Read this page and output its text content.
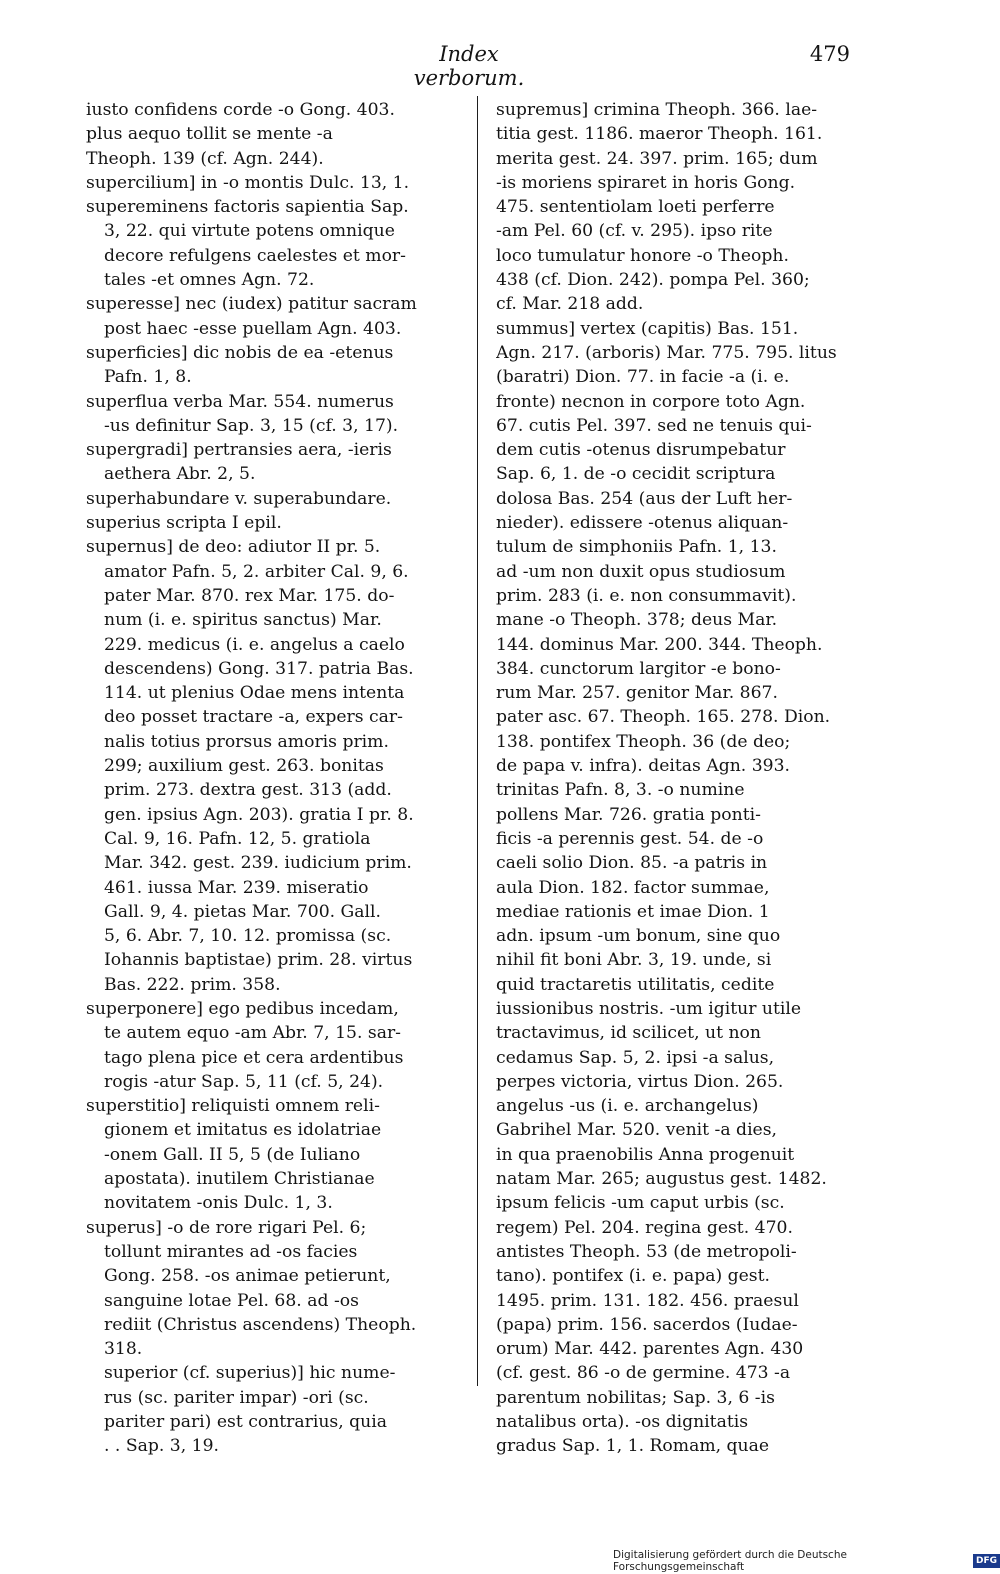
Index verborum.
479
iusto confidens corde -o Gong. 403.
plus aequo tollit se mente -a
Theoph. 139 (cf. Agn. 244).
supercilium] in -o montis Dulc. 13, 1.
supereminens factoris sapientia Sap.
3, 22. qui virtute potens omnique
decore refulgens caelestes et mor-
tales -et omnes Agn. 72.
superesse] nec (iudex) patitur sacram
post haec -esse puellam Agn. 403.
superficies] dic nobis de ea -etenus
Pafn. 1, 8.
superflua verba Mar. 554. numerus
-us definitur Sap. 3, 15 (cf. 3, 17).
supergradi] pertransies aera, -ieris
aethera Abr. 2, 5.
superhabundare v. superabundare.
superius scripta I epil.
supernus] de deo: adiutor II pr. 5.
amator Pafn. 5, 2. arbiter Cal. 9, 6.
pater Mar. 870. rex Mar. 175. do-
num (i. e. spiritus sanctus) Mar.
229. medicus (i. e. angelus a caelo
descendens) Gong. 317. patria Bas.
114. ut plenius Odae mens intenta
deo posset tractare -a, expers car-
nalis totius prorsus amoris prim.
299; auxilium gest. 263. bonitas
prim. 273. dextra gest. 313 (add.
gen. ipsius Agn. 203). gratia I pr. 8.
Cal. 9, 16. Pafn. 12, 5. gratiola
Mar. 342. gest. 239. iudicium prim.
461. iussa Mar. 239. miseratio
Gall. 9, 4. pietas Mar. 700. Gall.
5, 6. Abr. 7, 10. 12. promissa (sc.
Iohannis baptistae) prim. 28. virtus
Bas. 222. prim. 358.
superponere] ego pedibus incedam,
te autem equo -am Abr. 7, 15. sar-
tago plena pice et cera ardentibus
rogis -atur Sap. 5, 11 (cf. 5, 24).
superstitio] reliquisti omnem reli-
gionem et imitatus es idolatriae
-onem Gall. II 5, 5 (de Iuliano
apostata). inutilem Christianae
novitatem -onis Dulc. 1, 3.
superus] -o de rore rigari Pel. 6;
tollunt mirantes ad -os facies
Gong. 258. -os animae petierunt,
sanguine lotae Pel. 68. ad -os
rediit (Christus ascendens) Theoph.
318.
superior (cf. superius)] hic nume-
rus (sc. pariter impar) -ori (sc.
pariter pari) est contrarius, quia
. . Sap. 3, 19.
supremus] crimina Theoph. 366. lae-
titia gest. 1186. maeror Theoph. 161.
merita gest. 24. 397. prim. 165; dum
-is moriens spiraret in horis Gong.
475. sententiolam loeti perferre
-am Pel. 60 (cf. v. 295). ipso rite
loco tumulatur honore -o Theoph.
438 (cf. Dion. 242). pompa Pel. 360;
cf. Mar. 218 add.
summus] vertex (capitis) Bas. 151.
Agn. 217. (arboris) Mar. 775. 795. litus
(baratri) Dion. 77. in facie -a (i. e.
fronte) necnon in corpore toto Agn.
67. cutis Pel. 397. sed ne tenuis qui-
dem cutis -otenus disrumpebatur
Sap. 6, 1. de -o cecidit scriptura
dolosa Bas. 254 (aus der Luft her-
nieder). edissere -otenus aliquan-
tulum de simphoniis Pafn. 1, 13.
ad -um non duxit opus studiosum
prim. 283 (i. e. non consummavit).
mane -o Theoph. 378; deus Mar.
144. dominus Mar. 200. 344. Theoph.
384. cunctorum largitor -e bono-
rum Mar. 257. genitor Mar. 867.
pater asc. 67. Theoph. 165. 278. Dion.
138. pontifex Theoph. 36 (de deo;
de papa v. infra). deitas Agn. 393.
trinitas Pafn. 8, 3. -o numine
pollens Mar. 726. gratia ponti-
ficis -a perennis gest. 54. de -o
caeli solio Dion. 85. -a patris in
aula Dion. 182. factor summae,
mediae rationis et imae Dion. 1
adn. ipsum -um bonum, sine quo
nihil fit boni Abr. 3, 19. unde, si
quid tractaretis utilitatis, cedite
iussionibus nostris. -um igitur utile
tractavimus, id scilicet, ut non
cedamus Sap. 5, 2. ipsi -a salus,
perpes victoria, virtus Dion. 265.
angelus -us (i. e. archangelus)
Gabrihel Mar. 520. venit -a dies,
in qua praenobilis Anna progenuit
natam Mar. 265; augustus gest. 1482.
ipsum felicis -um caput urbis (sc.
regem) Pel. 204. regina gest. 470.
antistes Theoph. 53 (de metropoli-
tano). pontifex (i. e. papa) gest.
1495. prim. 131. 182. 456. praesul
(papa) prim. 156. sacerdos (Iudae-
orum) Mar. 442. parentes Agn. 430
(cf. gest. 86 -o de germine. 473 -a
parentum nobilitas; Sap. 3, 6 -is
natalibus orta). -os dignitatis
gradus Sap. 1, 1. Romam, quae
Digitalisierung gefördert durch die Deutsche Forschungsgemeinschaft	DFG
